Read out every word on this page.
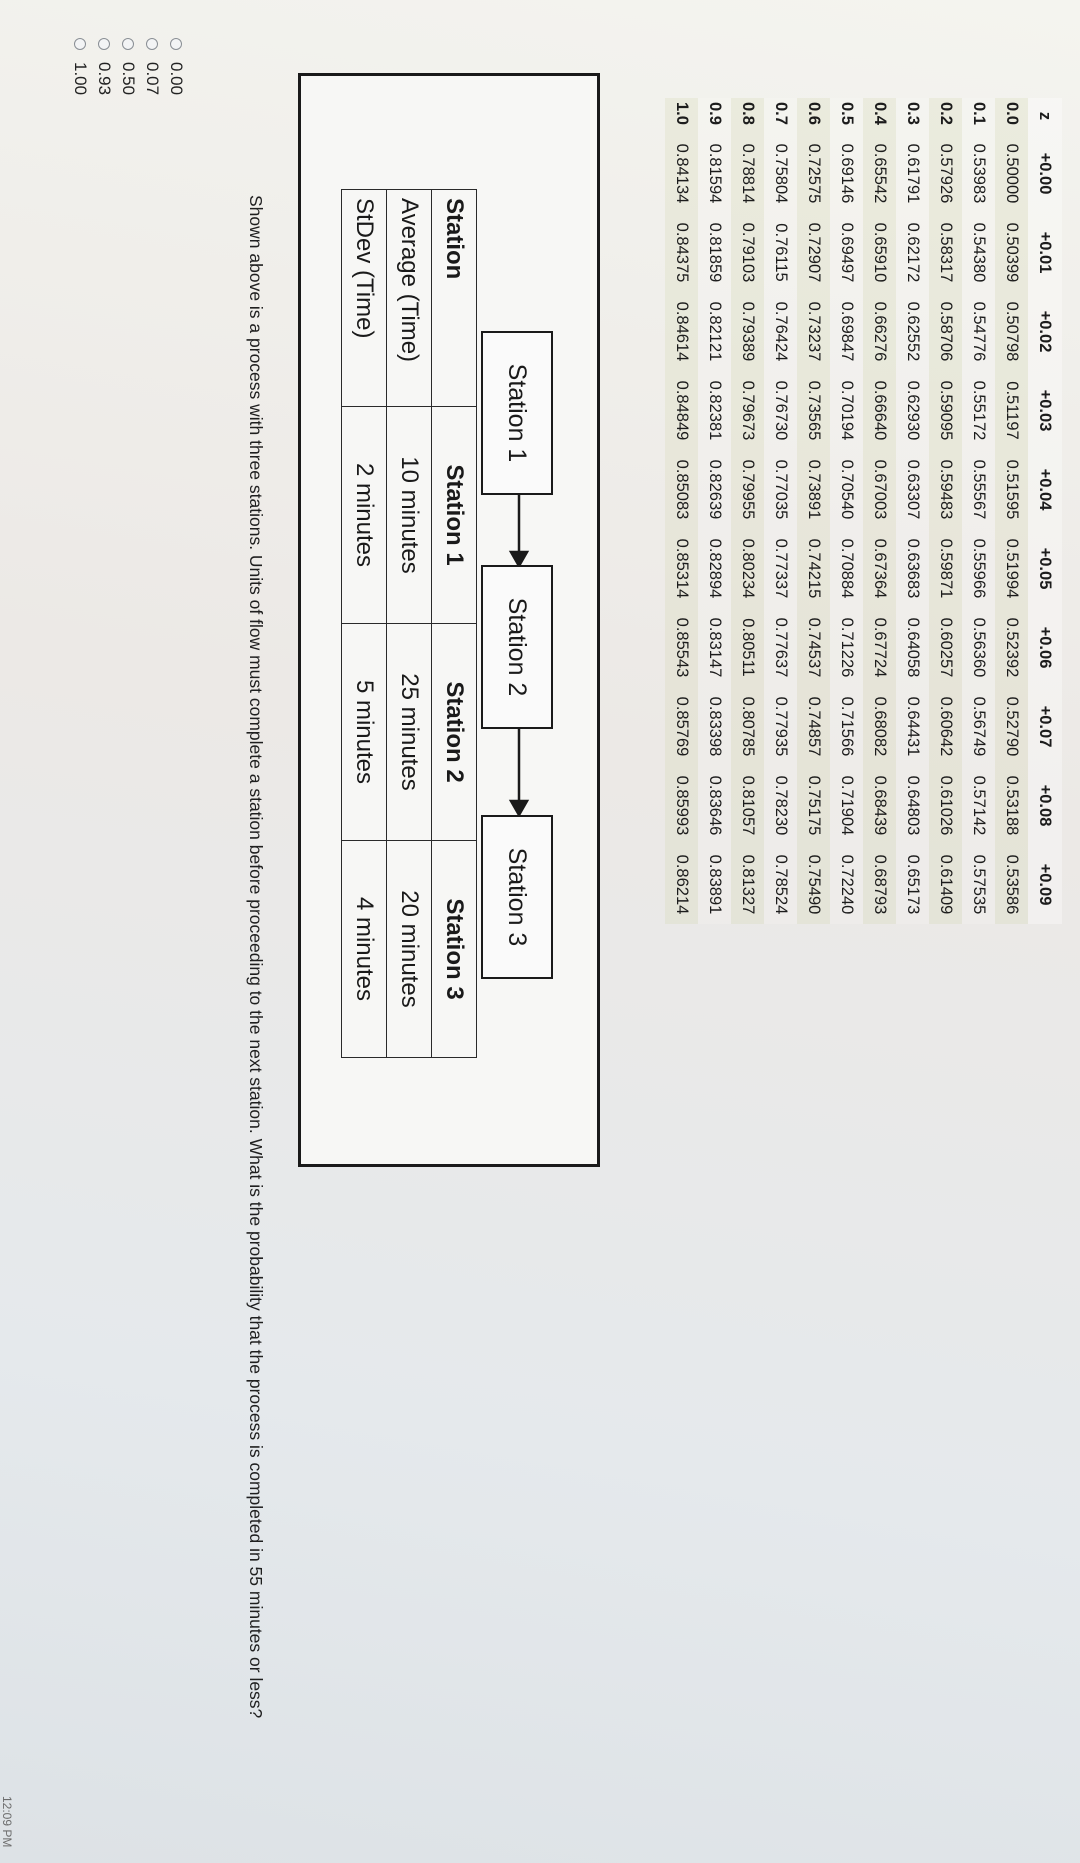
z	+0.00	+0.01	+0.02	+0.03	+0.04	+0.05	+0.06	+0.07	+0.08	+0.09
0.0	0.50000	0.50399	0.50798	0.51197	0.51595	0.51994	0.52392	0.52790	0.53188	0.53586
0.1	0.53983	0.54380	0.54776	0.55172	0.55567	0.55966	0.56360	0.56749	0.57142	0.57535
0.2	0.57926	0.58317	0.58706	0.59095	0.59483	0.59871	0.60257	0.60642	0.61026	0.61409
0.3	0.61791	0.62172	0.62552	0.62930	0.63307	0.63683	0.64058	0.64431	0.64803	0.65173
0.4	0.65542	0.65910	0.66276	0.66640	0.67003	0.67364	0.67724	0.68082	0.68439	0.68793
0.5	0.69146	0.69497	0.69847	0.70194	0.70540	0.70884	0.71226	0.71566	0.71904	0.72240
0.6	0.72575	0.72907	0.73237	0.73565	0.73891	0.74215	0.74537	0.74857	0.75175	0.75490
0.7	0.75804	0.76115	0.76424	0.76730	0.77035	0.77337	0.77637	0.77935	0.78230	0.78524
0.8	0.78814	0.79103	0.79389	0.79673	0.79955	0.80234	0.80511	0.80785	0.81057	0.81327
0.9	0.81594	0.81859	0.82121	0.82381	0.82639	0.82894	0.83147	0.83398	0.83646	0.83891
1.0	0.84134	0.84375	0.84614	0.84849	0.85083	0.85314	0.85543	0.85769	0.85993	0.86214
Station 1
Station 2
Station 3
Station	Station 1	Station 2	Station 3
Average (Time)	10 minutes	25 minutes	20 minutes
StDev (Time)	2 minutes	5 minutes	4 minutes
Shown above is a process with three stations. Units of flow must complete a station before proceeding to the next station. What is the probability that the process is completed in 55 minutes or less?
0.00
0.07
0.50
0.93
1.00
12:09 PM
